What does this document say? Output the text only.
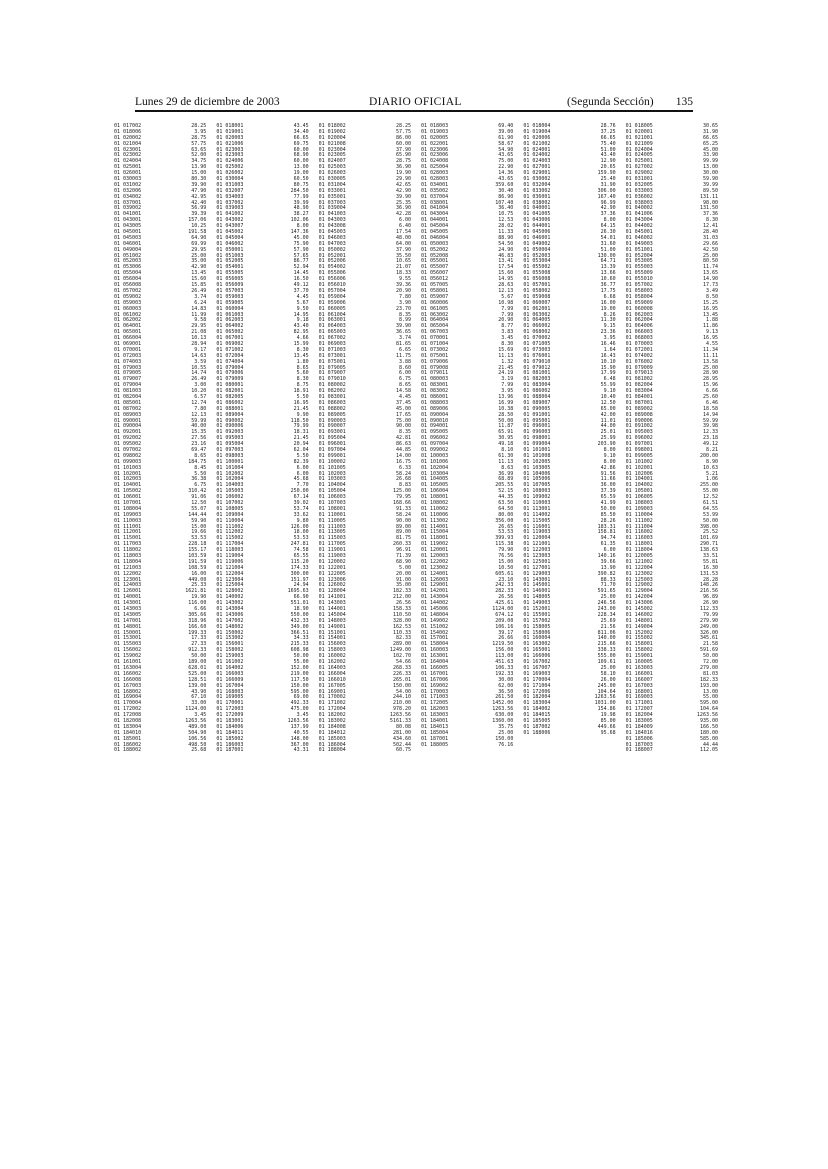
Lunes 29 de diciembre de 2003	DIARIO OFICIAL	(Segunda Sección) 135
01 017002	28.25
01 018006	3.95
01 020002	28.75
01 021004	57.75
01 023001	63.65
01 023002	52.00
01 024004	34.75
01 025001	13.90
01 026001	15.00
01 030003	80.30
01 031002	39.90
01 032006	47.90
01 034002	42.95
01 037001	42.40
01 039002	56.99
01 041001	39.39
01 043001	157.06
01 043005	10.25
01 045001	191.58
01 045003	64.90
01 046001	69.99
01 049004	29.95
01 051002	25.00
01 052003	35.00
01 053006	42.90
01 055004	13.45
01 056004	15.60
01 056008	15.85
01 057002	26.49
01 059002	3.74
01 059003	6.24
01 060003	14.83
01 061002	11.99
01 062002	9.58
01 064001	29.95
01 065001	21.08
01 066004	10.13
01 069001	28.94
01 070001	9.17
01 072003	14.63
01 074003	3.59
01 079003	10.55
01 079005	14.74
01 079007	26.49
01 079004	3.00
01 081003	10.20
01 082004	6.57
01 085001	12.74
01 087002	7.80
01 089003	12.13
01 090001	59.99
01 090004	40.00
01 092001	15.35
01 092002	27.56
01 095002	23.16
01 097002	69.47
01 098002	8.65
01 099003	184.75
01 101003	8.45
01 102001	5.50
01 102003	36.38
01 104001	6.75
01 105002	310.42
01 106001	91.06
01 107001	12.50
01 108004	55.07
01 109003	144.44
01 110003	59.90
01 111001	15.00
01 112001	19.66
01 115001	53.53
01 117003	228.18
01 118002	155.17
01 118003	103.59
01 118004	191.59
01 121003	108.59
01 122002	16.00
01 123001	449.00
01 124003	25.33
01 126001	1621.81
01 140001	19.90
01 143001	116.00
01 143003	6.66
01 143005	305.66
01 147001	318.96
01 148001	166.60
01 150001	199.33
01 153001	17.33
01 155003	27.33
01 156002	912.33
01 159002	50.00
01 161001	189.00
01 163004	628.01
01 166002	525.00
01 166008	128.51
01 167003	139.00
01 168002	43.90
01 169004	67.10
01 170004	33.00
01 172002	1124.00
01 172008	3.45
01 182008	1263.56
01 183004	489.00
01 184010	504.90
01 185001	106.56
01 186002	498.50
01 188002	25.68
01 018001	43.45
01 019001	34.40
01 020003	66.65
01 021006	69.75
01 023003	60.00
01 023003	68.90
01 024006	60.00
01 025002	13.00
01 026002	19.00
01 030004	60.50
01 031003	80.75
01 032007	284.50
01 034003	77.99
01 037002	39.99
01 039003	48.90
01 041002	38.27
01 043002	102.06
01 043007	8.00
01 045002	147.36
01 045004	45.00
01 046002	75.90
01 050001	57.90
01 051003	57.65
01 052005	86.77
01 054001	52.94
01 055005	14.45
01 056005	16.50
01 056009	49.12
01 057003	37.70
01 059003	4.45
01 059005	5.67
01 060004	9.50
01 061003	14.95
01 062003	9.18
01 064002	43.40
01 065002	82.95
01 067001	4.66
01 069002	15.99
01 071002	8.30
01 072004	13.45
01 074004	1.80
01 079004	8.65
01 079006	5.60
01 079009	8.30
01 080001	8.75
01 082001	18.91
01 082005	5.50
01 086002	16.95
01 088001	21.45
01 089004	9.90
01 090002	118.50
01 090006	79.99
01 092003	18.31
01 095003	21.45
01 095004	20.94
01 097003	62.04
01 098003	5.50
01 100001	82.39
01 101004	6.00
01 102002	6.00
01 102004	45.68
01 104003	7.70
01 105003	250.00
01 106002	67.14
01 107002	39.02
01 108005	53.74
01 109004	33.62
01 110004	9.80
01 111002	126.00
01 112002	18.00
01 115002	53.53
01 117004	247.81
01 118003	74.58
01 119004	65.55
01 119006	115.20
01 121004	174.33
01 122004	300.00
01 123004	151.97
01 125004	24.94
01 128002	1695.63
01 140002	66.90
01 143002	551.01
01 143004	18.90
01 143006	550.00
01 147002	432.33
01 148002	349.00
01 150002	366.51
01 153002	34.33
01 156001	215.33
01 158002	608.98
01 159003	50.00
01 161002	55.00
01 164002	152.00
01 166003	219.00
01 166009	117.50
01 167004	150.00
01 168003	595.00
01 169005	69.00
01 170001	492.33
01 172003	475.00
01 172009	3.45
01 183001	1263.56
01 184006	137.99
01 184011	40.55
01 185002	148.00
01 186003	367.00
01 187001	43.31
01 018002	28.25
01 019002	57.75
01 020004	86.00
01 021008	60.00
01 023004	37.90
01 023005	65.90
01 024007	28.75
01 025003	36.90
01 026003	19.90
01 030005	29.90
01 031004	42.65
01 033001	42.90
01 035001	39.90
01 037003	25.35
01 039004	36.90
01 041003	42.28
01 043003	6.00
01 043008	6.40
01 045003	17.54
01 046003	48.00
01 047003	64.00
01 050002	37.90
01 052001	35.50
01 052006	10.65
01 054002	21.07
01 055006	18.33
01 056006	9.55
01 056010	39.36
01 057004	20.90
01 059004	7.80
01 059006	3.90
01 060005	23.70
01 061004	8.35
01 063001	8.99
01 064003	39.90
01 065003	36.65
01 067002	3.74
01 069003	81.65
01 071003	6.65
01 073001	11.75
01 075001	3.88
01 079005	8.60
01 079007	6.00
01 079010	6.75
01 080002	8.65
01 082002	14.58
01 083001	4.45
01 086003	37.45
01 088002	45.00
01 089005	17.65
01 090003	75.00
01 090007	90.00
01 093001	8.35
01 095004	42.81
01 096001	86.63
01 097004	44.85
01 099001	14.00
01 100002	16.75
01 101005	6.33
01 102003	58.24
01 103003	26.68
01 104004	8.83
01 105004	125.00
01 106003	79.95
01 107003	168.66
01 108001	91.33
01 110001	58.24
01 110005	90.00
01 111003	89.00
01 113005	89.00
01 115003	81.75
01 117005	260.33
01 119001	96.91
01 119003	71.39
01 120002	68.90
01 122001	5.00
01 122005	20.00
01 123006	91.00
01 126002	35.00
01 128004	182.33
01 141001	212.00
01 143003	26.56
01 144001	158.33
01 145004	110.50
01 148003	328.00
01 149001	162.53
01 151001	110.33
01 154001	82.33
01 156003	289.00
01 158003	1249.00
01 160002	102.70
01 162002	54.66
01 164003	268.33
01 166004	226.33
01 166010	265.01
01 167005	150.00
01 169001	54.00
01 170002	244.10
01 171002	210.00
01 172004	978.20
01 182002	1263.56
01 183002	5161.33
01 184008	80.08
01 184012	281.00
01 185003	434.60
01 186004	502.44
01 188004	60.75
01 018003	69.40
01 019003	39.00
01 020005	61.90
01 022001	58.67
01 023006	54.90
01 023006	43.65
01 024008	75.00
01 025004	22.90
01 028003	14.36
01 028003	43.65
01 034001	359.60
01 035002	30.40
01 037004	86.90
01 038001	107.40
01 041004	36.40
01 043004	10.75
01 044001	12.53
01 045004	28.02
01 045005	11.33
01 046004	88.90
01 050003	54.50
01 052002	24.90
01 052008	46.83
01 055001	13.41
01 055007	17.54
01 056007	15.60
01 056012	14.95
01 057005	28.63
01 058001	12.13
01 059007	5.67
01 060006	10.98
01 061005	7.99
01 063002	7.99
01 064004	20.90
01 065004	8.77
01 067003	3.83
01 070001	3.45
01 071004	8.30
01 073002	15.69
01 075001	11.13
01 079006	1.32
01 079008	21.45
01 079011	24.19
01 080003	3.19
01 083001	7.99
01 083002	3.95
01 086001	13.96
01 088003	16.99
01 089006	10.38
01 090004	28.50
01 090010	50.00
01 094001	11.87
01 095005	65.91
01 096002	30.95
01 097004	49.18
01 099002	8.10
01 100003	61.30
01 101006	11.13
01 102004	8.63
01 103004	36.99
01 104005	68.89
01 105005	205.55
01 106004	52.15
01 108001	44.35
01 108002	63.50
01 110002	64.50
01 110006	80.00
01 113002	356.00
01 114001	26.65
01 115004	53.53
01 118001	399.93
01 119002	115.38
01 120001	79.90
01 120003	76.56
01 122002	15.00
01 123002	10.50
01 124001	605.61
01 126003	23.10
01 129001	242.33
01 142001	282.33
01 143004	26.56
01 144002	425.61
01 145006	1124.00
01 148004	674.12
01 149002	209.00
01 151002	106.16
01 154002	39.17
01 157001	26.66
01 158004	1219.50
01 160003	156.00
01 163001	113.00
01 164004	451.63
01 166005	106.33
01 167001	192.33
01 167006	30.00
01 169002	62.00
01 170003	36.50
01 171003	261.50
01 172005	1452.00
01 182003	1263.56
01 183003	630.00
01 184001	1360.00
01 184013	35.75
01 185004	25.00
01 187001	150.00
01 188005	76.16
01 018004	28.76
01 019004	37.25
01 020006	66.65
01 021002	75.40
01 024001	51.00
01 024002	43.40
01 024003	12.90
01 027001	20.65
01 029001	159.90
01 030002	25.40
01 032004	31.90
01 033002	306.00
01 036001	167.40
01 038002	96.99
01 040001	42.90
01 041005	37.36
01 043006	8.00
01 044001	64.15
01 045006	26.30
01 046001	54.01
01 049002	31.60
01 050004	51.00
01 052003	130.00
01 053004	64.71
01 055002	13.39
01 055008	13.66
01 056008	10.60
01 057001	36.77
01 058002	17.75
01 059008	6.68
01 060007	16.00
01 062001	19.00
01 063002	8.26
01 064005	11.30
01 066002	9.15
01 068002	23.36
01 070002	3.95
01 071005	16.46
01 073003	1.64
01 076001	16.43
01 079010	10.10
01 079012	15.90
01 081001	17.99
01 082003	6.48
01 083004	55.99
01 086002	9.10
01 088004	10.40
01 089007	12.50
01 090005	65.00
01 091001	42.00
01 095001	11.01
01 096001	44.00
01 096003	25.01
01 098001	25.99
01 099004	203.90
01 101001	8.00
01 101008	9.10
01 102005	8.00
01 103005	42.86
01 104006	91.56
01 105006	11.66
01 107005	36.00
01 108003	37.39
01 109002	65.59
01 110003	41.99
01 113001	50.00
01 114002	85.50
01 115005	28.26
01 116001	183.31
01 119003	158.81
01 120004	94.74
01 121001	61.35
01 122003	6.00
01 123003	140.16
01 125001	39.66
01 127001	13.90
01 129003	390.82
01 143001	88.33
01 145001	71.70
01 146001	591.65
01 148005	25.00
01 149003	246.56
01 152001	243.00
01 155001	228.34
01 157002	25.69
01 158005	21.56
01 158006	811.06
01 160004	140.00
01 163002	215.66
01 165001	338.33
01 166006	555.00
01 167002	109.61
01 167007	25.00
01 169003	58.10
01 170004	26.00
01 171004	245.00
01 172006	104.64
01 182004	1263.56
01 183004	1031.00
01 184002	154.86
01 184015	19.98
01 185005	85.00
01 187002	449.66
01 188006	95.68
01 018005	30.65
01 020001	31.90
01 021001	66.65
01 021009	65.25
01 024004	45.00
01 024005	33.90
01 025001	99.99
01 027002	13.00
01 029002	30.00
01 031001	59.90
01 032005	39.99
01 033003	89.50
01 036002	131.11
01 038003	98.00
01 040002	131.50
01 041006	37.36
01 043004	8.30
01 044002	12.41
01 045001	28.40
01 046002	31.03
01 049003	29.66
01 051001	42.50
01 052004	25.00
01 053005	80.50
01 055003	11.74
01 055009	13.65
01 055010	14.90
01 057002	17.73
01 058003	3.49
01 058004	8.50
01 059009	15.25
01 060008	16.95
01 062003	13.45
01 062004	1.88
01 064006	11.86
01 066003	9.13
01 068003	16.95
01 070003	4.55
01 072001	11.34
01 074002	11.11
01 076002	13.58
01 079009	25.00
01 079013	28.90
01 081002	28.95
01 082004	15.96
01 083004	6.66
01 084001	25.60
01 087001	6.46
01 089002	18.58
01 089008	14.94
01 090006	59.99
01 091002	39.98
01 095003	12.33
01 096002	23.18
01 097001	49.12
01 098001	8.21
01 099005	200.00
01 101002	8.90
01 102001	10.63
01 102006	5.21
01 104001	1.06
01 104002	255.00
01 105001	55.00
01 106005	12.52
01 108003	61.51
01 109003	64.55
01 110004	53.99
01 111002	50.00
01 111004	398.00
01 116002	25.52
01 116003	101.69
01 118001	290.71
01 118004	138.63
01 120005	33.51
01 121002	55.81
01 122004	16.30
01 123002	131.53
01 125003	28.28
01 129002	148.26
01 129004	216.56
01 142004	96.89
01 143006	26.90
01 145002	112.33
01 146002	79.99
01 148001	279.90
01 149004	249.00
01 152002	326.00
01 155002	345.61
01 158001	21.58
01 158002	591.69
01 159001	50.00
01 160005	72.00
01 163003	279.00
01 166001	81.03
01 166007	182.33
01 167003	193.00
01 168001	13.00
01 169003	55.00
01 171001	595.00
01 172007	104.64
01 182004	1263.56
01 183005	935.00
01 184009	166.50
01 184016	180.00
01 185006	585.00
01 187003	44.44
01 188007	112.05
